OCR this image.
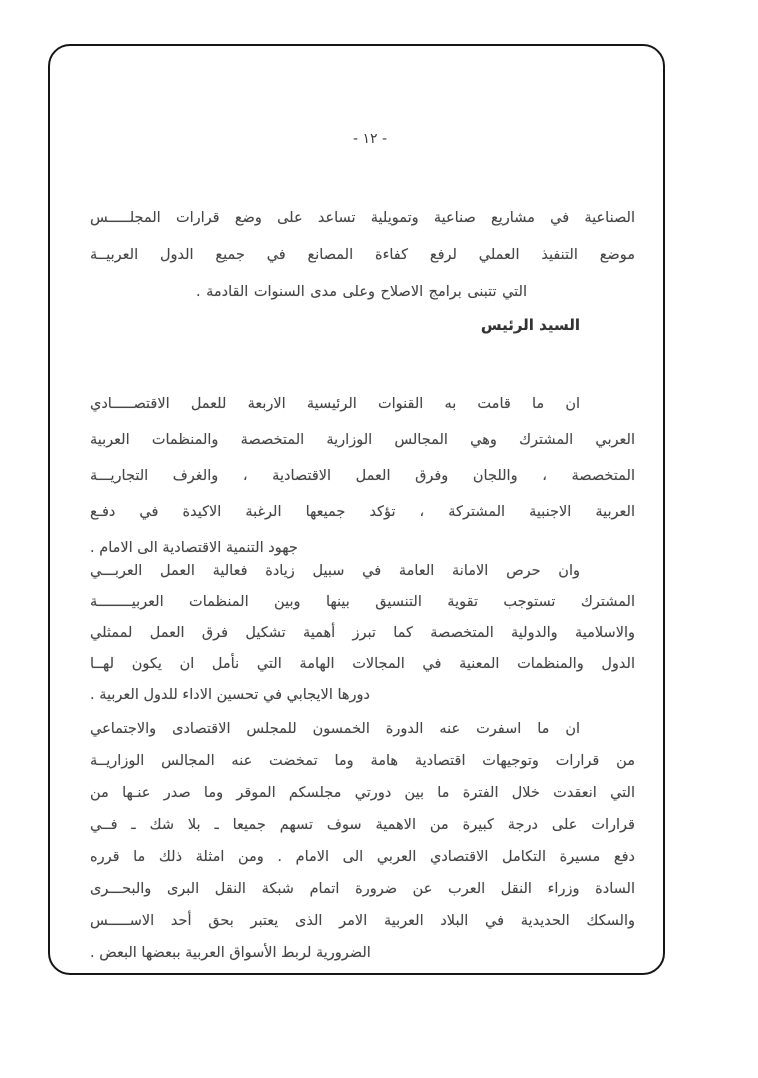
- ١٢ -
الصناعية في مشاريع صناعية وتمويلية تساعد على وضع قرارات المجلـــــس
موضع التنفيذ العملي لرفع كفاءة المصانع في جميع الدول العربيــة
التي تتبنى برامج الاصلاح وعلى مدى السنوات القادمة .
السيد الرئيس
ان ما قامت به القنوات الرئيسية الاربعة للعمل الاقتصـــــادي
العربي المشترك وهي المجالس الوزارية المتخصصة والمنظمات العربية
المتخصصة ، واللجان وفرق العمل الاقتصادية ، والغرف التجاريـــة
العربية الاجنبية المشتركة ، تؤكد جميعها الرغبة الاكيدة في دفـع
جهود التنمية الاقتصادية الى الامام .
وان حرص الامانة العامة في سبيل زيادة فعالية العمل العربـــي
المشترك تستوجب تقوية التنسيق بينها وبين المنظمات العربيــــــــة
والاسلامية والدولية المتخصصة كما تبرز أهمية تشكيل فرق العمل لممثلي
الدول والمنظمات المعنية في المجالات الهامة التي نأمل ان يكون لهــا
دورها الايجابي في تحسين الاداء للدول العربية .
ان ما اسفرت عنه الدورة الخمسون للمجلس الاقتصادى والاجتماعي
من قرارات وتوجيهات اقتصادية هامة وما تمخضت عنه المجالس الوزاريــة
التي انعقدت خلال الفترة ما بين دورتي مجلسكم الموقر وما صدر عنـها من
قرارات على درجة كبيرة من الاهمية سوف تسهم جميعا ـ بلا شك ـ فــي
دفع مسيرة التكامل الاقتصادي العربي الى الامام . ومن امثلة ذلك ما قرره
السادة وزراء النقل العرب عن ضرورة اتمام شبكة النقل البرى والبحـــرى
والسكك الحديدية في البلاد العربية الامر الذى يعتبر بحق أحد الاســـــس
الضرورية لربط الأسواق العربية ببعضها البعض .
